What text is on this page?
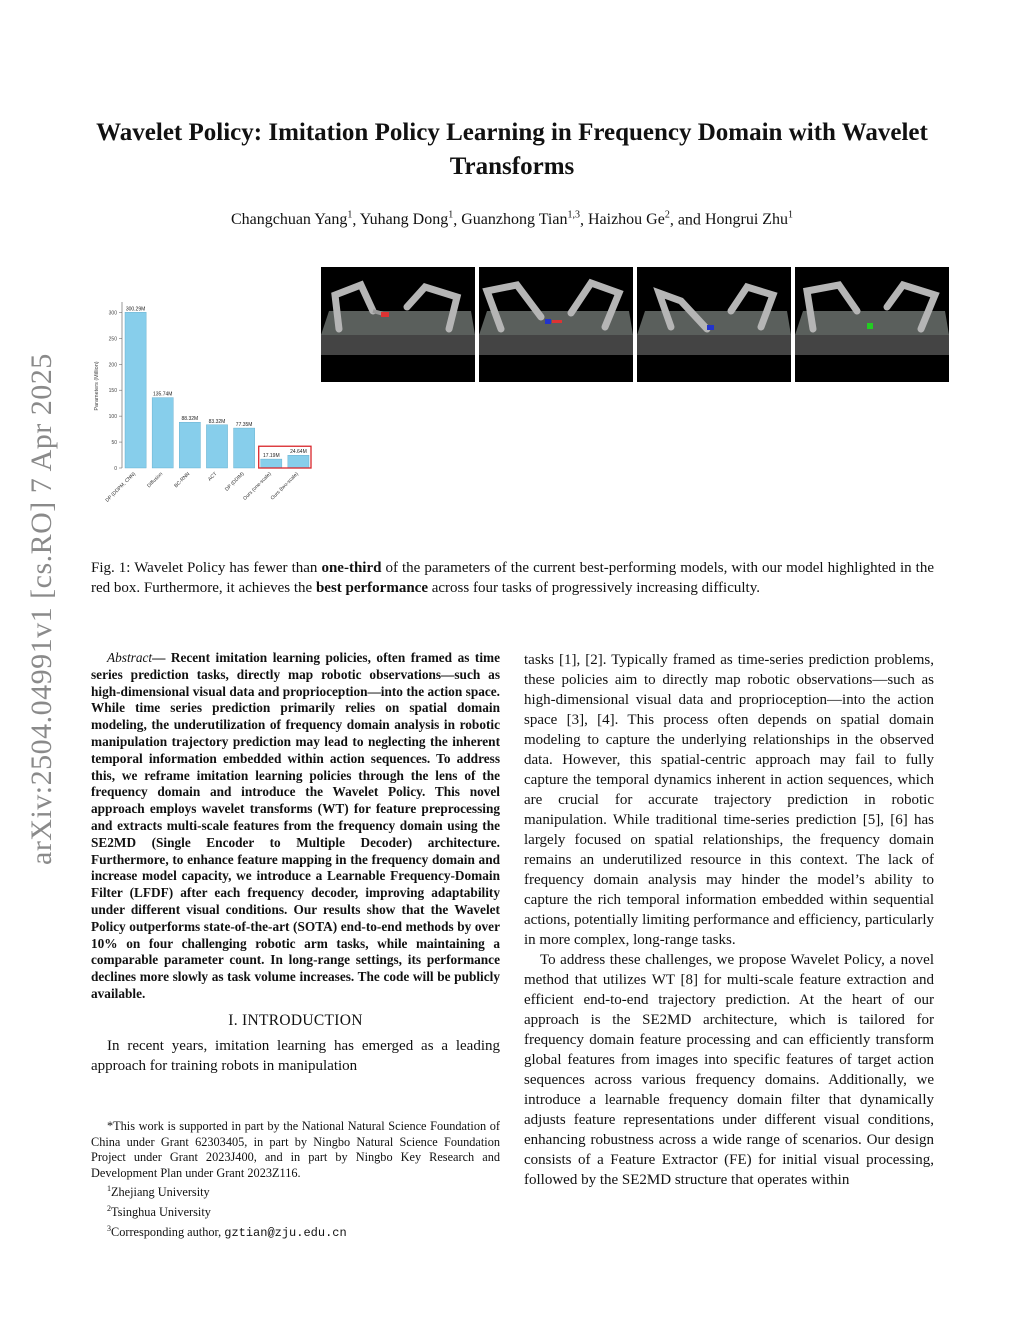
arXiv:2504.04991v1 [cs.RO] 7 Apr 2025
Wavelet Policy: Imitation Policy Learning in Frequency Domain with Wavelet Transforms
Changchuan Yang$^1$, Yuhang Dong$^1$, Guanzhong Tian$^{1,3}$, Haizhou Ge$^2$, and Hongrui Zhu$^1$
0
50
100
150
200
250
300
Parameters (Million)
300.29M
DP (DDPM, CNN)
135.74M
Diffusion
88.32M
BC-RNN
83.32M
ACT
77.35M
DP (DDIM)
17.19M
Ours (one-scale)
24.64M
Ours (two-scale)
Fig. 1: Wavelet Policy has fewer than one-third of the parameters of the current best-performing models, with our model highlighted in the red box. Furthermore, it achieves the best performance across four tasks of progressively increasing difficulty.

Abstract— Recent imitation learning policies, often framed as time series prediction tasks, directly map robotic observations—such as high-dimensional visual data and proprioception—into the action space. While time series prediction primarily relies on spatial domain modeling, the underutilization of frequency domain analysis in robotic manipulation trajectory prediction may lead to neglecting the inherent temporal information embedded within action sequences. To address this, we reframe imitation learning policies through the lens of the frequency domain and introduce the Wavelet Policy. This novel approach employs wavelet transforms (WT) for feature preprocessing and extracts multi-scale features from the frequency domain using the SE2MD (Single Encoder to Multiple Decoder) architecture. Furthermore, to enhance feature mapping in the frequency domain and increase model capacity, we introduce a Learnable Frequency-Domain Filter (LFDF) after each frequency decoder, improving adaptability under different visual conditions. Our results show that the Wavelet Policy outperforms state-of-the-art (SOTA) end-to-end methods by over 10% on four challenging robotic arm tasks, while maintaining a comparable parameter count. In long-range settings, its performance declines more slowly as task volume increases. The code will be publicly available.

I. INTRODUCTION

In recent years, imitation learning has emerged as a leading approach for training robots in manipulation

*This work is supported in part by the National Natural Science Foundation of China under Grant 62303405, in part by Ningbo Natural Science Foundation Project under Grant 2023J400, and in part by Ningbo Key Research and Development Plan under Grant 2023Z116.

$^1$Zhejiang University

$^2$Tsinghua University

$^3$Corresponding author, gztian@zju.edu.cn

tasks [1], [2]. Typically framed as time-series prediction problems, these policies aim to directly map robotic observations—such as high-dimensional visual data and proprioception—into the action space [3], [4]. This process often depends on spatial domain modeling to capture the underlying relationships in the observed data. However, this spatial-centric approach may fail to fully capture the temporal dynamics inherent in action sequences, which are crucial for accurate trajectory prediction in robotic manipulation. While traditional time-series prediction [5], [6] has largely focused on spatial relationships, the frequency domain remains an underutilized resource in this context. The lack of frequency domain analysis may hinder the model’s ability to capture the rich temporal information embedded within sequential actions, potentially limiting performance and efficiency, particularly in more complex, long-range tasks.

To address these challenges, we propose Wavelet Policy, a novel method that utilizes WT [8] for multi-scale feature extraction and efficient end-to-end trajectory prediction. At the heart of our approach is the SE2MD architecture, which is tailored for frequency domain feature processing and can efficiently transform global features from images into specific features of target action sequences across various frequency domains. Additionally, we introduce a learnable frequency domain filter that dynamically adjusts feature representations under different visual conditions, enhancing robustness across a wide range of scenarios. Our design consists of a Feature Extractor (FE) for initial visual processing, followed by the SE2MD structure that operates within
